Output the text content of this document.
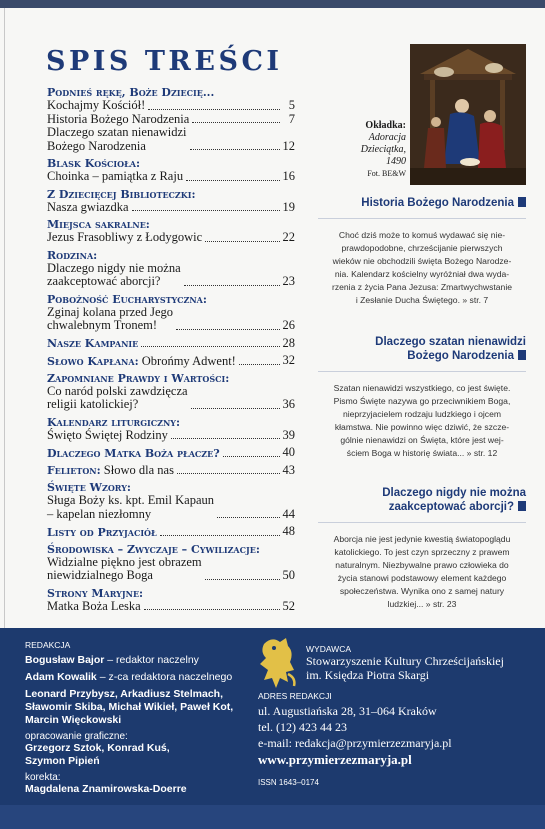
SPIS TREŚCI
Podnieś rękę, Boże Dziecię...
Kochajmy Kościół!	5
Historia Bożego Narodzenia	7
Dlaczego szatan nienawidzi
Bożego Narodzenia	12
Blask Kościoła:
Choinka – pamiątka z Raju	16
Z Dziecięcej Biblioteczki:
Nasza gwiazdka	19
Miejsca sakralne:
Jezus Frasobliwy z Łodygowic	22
Rodzina:
Dlaczego nigdy nie można
zaakceptować aborcji?	23
Pobożność Eucharystyczna:
Zginaj kolana przed Jego
chwalebnym Tronem!	26
Nasze Kampanie	28
Słowo Kapłana: Obrońmy Adwent!	32
Zapomniane Prawdy i Wartości:
Co naród polski zawdzięcza
religii katolickiej?	36
Kalendarz liturgiczny:
Święto Świętej Rodziny	39
Dlaczego Matka Boża płacze?	40
Felieton: Słowo dla nas	43
Święte Wzory:
Sługa Boży ks. kpt. Emil Kapaun
– kapelan niezłomny	44
Listy od Przyjaciół	48
Środowiska – Zwyczaje – Cywilizacje:
Widzialne piękno jest obrazem
niewidzialnego Boga	50
Strony Maryjne:
Matka Boża Leska	52
Okładka:
Adoracja Dzieciątka,
1490
Fot. BE&W
Historia Bożego Narodzenia
Choć dziś może to komuś wydawać się nie-
prawdopodobne, chrześcijanie pierwszych
wieków nie obchodzili święta Bożego Narodze-
nia. Kalendarz kościelny wyróżniał dwa wyda-
rzenia z życia Pana Jezusa: Zmartwychwstanie
i Zesłanie Ducha Świętego. » str. 7
Dlaczego szatan nienawidzi
Bożego Narodzenia
Szatan nienawidzi wszystkiego, co jest święte.
Pismo Święte nazywa go przeciwnikiem Boga,
nieprzyjacielem rodzaju ludzkiego i ojcem
kłamstwa. Nie powinno więc dziwić, że szcze-
gólnie nienawidzi on Święta, które jest wej-
ściem Boga w historię świata... » str. 12
Dlaczego nigdy nie można
zaakceptować aborcji?
Aborcja nie jest jedynie kwestią światopoglądu
katolickiego. To jest czyn sprzeczny z prawem
naturalnym. Niezbywalne prawo człowieka do
życia stanowi podstawowy element każdego
społeczeństwa. Wynika ono z samej natury
ludzkiej... » str. 23
REDAKCJA
Bogusław Bajor – redaktor naczelny
Adam Kowalik – z-ca redaktora naczelnego
Leonard Przybysz, Arkadiusz Stelmach,
Sławomir Skiba, Michał Wikieł, Paweł Kot,
Marcin Więckowski
opracowanie graficzne:
Grzegorz Sztok, Konrad Kuś,
Szymon Pipień
korekta:
Magdalena Znamirowska-Doerre
WYDAWCA
Stowarzyszenie Kultury Chrześcijańskiej
im. Księdza Piotra Skargi
ADRES REDAKCJI
ul. Augustiańska 28, 31–064 Kraków
tel. (12) 423 44 23
e-mail: redakcja@przymierzezmaryja.pl
www.przymierzezmaryja.pl
ISSN 1643–0174
